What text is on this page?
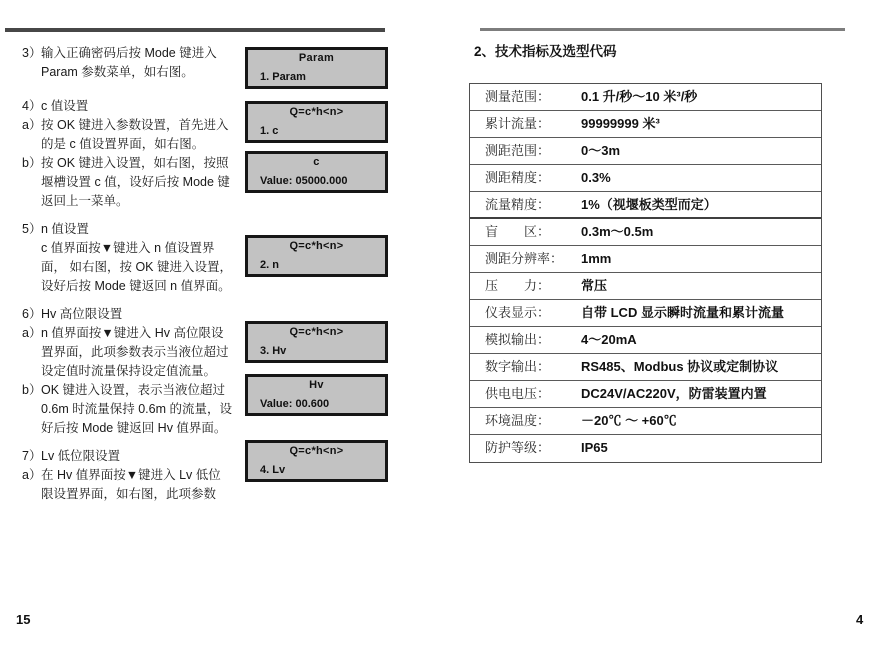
3） 输入正确密码后按 Mode 键进入
Param 参数菜单，如右图。
4） c 值设置
a） 按 OK 键进入参数设置，首先进入
的是 c 值设置界面，如右图。
b） 按 OK 键进入设置，如右图，按照
堰槽设置 c 值，设好后按 Mode 键
返回上一菜单。
5） n 值设置
c 值界面按▼键进入 n 值设置界
面， 如右图，按 OK 键进入设置，
设好后按 Mode 键返回 n 值界面。
6） Hv 高位限设置
a） n 值界面按▼键进入 Hv 高位限设
置界面，此项参数表示当液位超过
设定值时流量保持设定值流量。
b） OK 键进入设置，表示当液位超过
0.6m 时流量保持 0.6m 的流量，设
好后按 Mode 键返回 Hv 值界面。
7） Lv 低位限设置
a） 在 Hv 值界面按▼键进入 Lv 低位
限设置界面，如右图，此项参数
Param
1. Param
Q=c*h<n>
1. c
c
Value: 05000.000
Q=c*h<n>
2. n
Q=c*h<n>
3. Hv
Hv
Value: 00.600
Q=c*h<n>
4. Lv
2、技术指标及选型代码
测量范围： 0.1 升/秒～10 米³/秒
累计流量： 99999999 米³
测距范围： 0～3m
测距精度： 0.3%
流量精度： 1%（视堰板类型而定）
盲　　区： 0.3m～0.5m
测距分辨率： 1mm
压　　力： 常压
仪表显示： 自带 LCD 显示瞬时流量和累计流量
模拟输出： 4～20mA
数字输出： RS485、Modbus 协议或定制协议
供电电压： DC24V/AC220V，防雷装置内置
环境温度： －20℃ ～ +60℃
防护等级： IP65
15	4
